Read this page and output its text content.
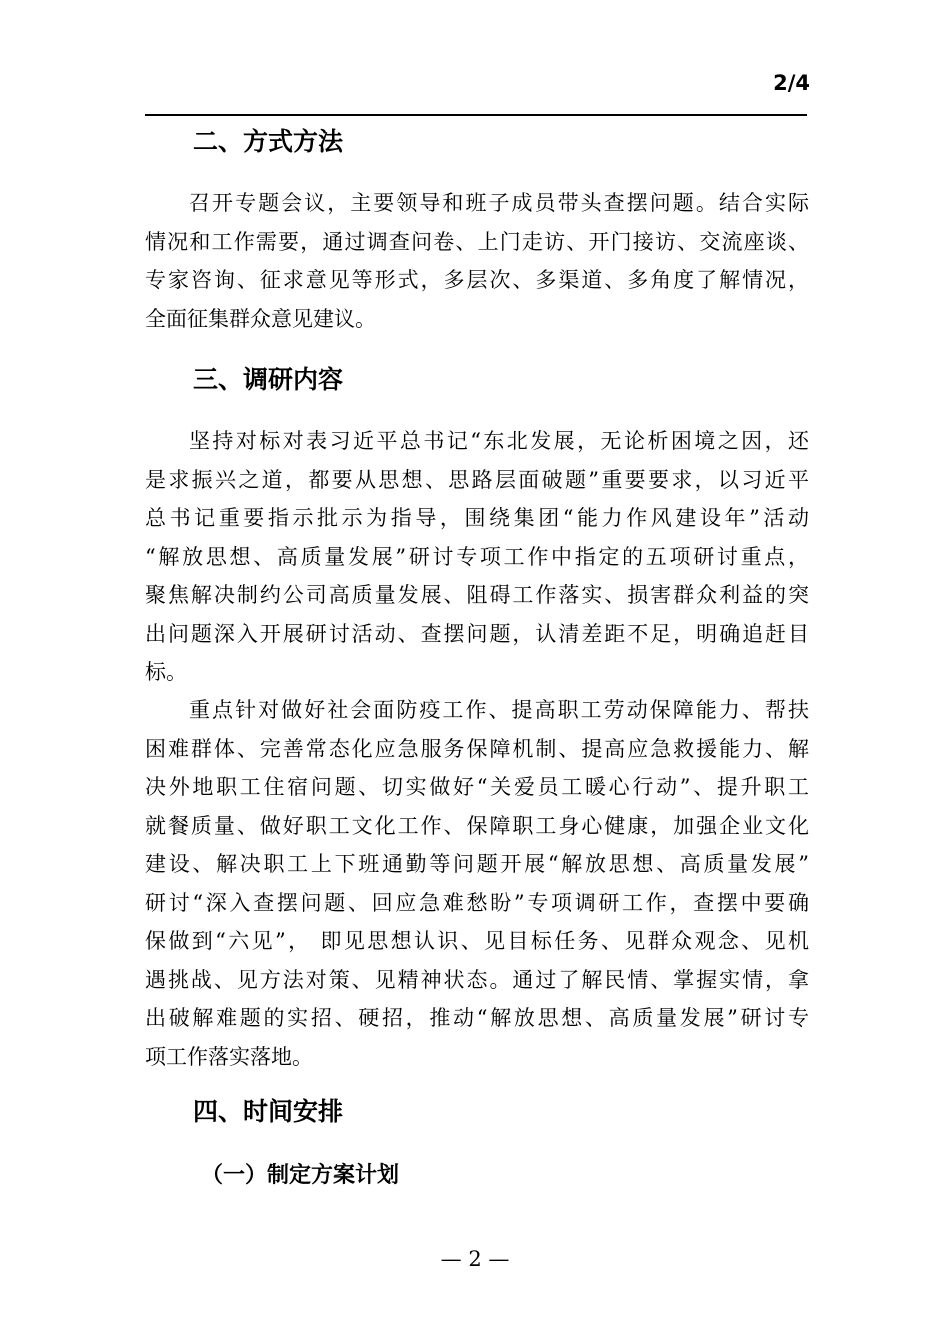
2/4
二、方式方法

召开专题会议，主要领导和班子成员带头查摆问题。结合实际
情况和工作需要，通过调查问卷、上门走访、开门接访、交流座谈、
专家咨询、征求意见等形式，多层次、多渠道、多角度了解情况，
全面征集群众意见建议。

三、调研内容

坚持对标对表习近平总书记“东北发展，无论析困境之因，还
是求振兴之道，都要从思想、思路层面破题”重要要求，以习近平
总书记重要指示批示为指导，围绕集团“能力作风建设年”活动
“解放思想、高质量发展”研讨专项工作中指定的五项研讨重点，
聚焦解决制约公司高质量发展、阻碍工作落实、损害群众利益的突
出问题深入开展研讨活动、查摆问题，认清差距不足，明确追赶目
标。

重点针对做好社会面防疫工作、提高职工劳动保障能力、帮扶
困难群体、完善常态化应急服务保障机制、提高应急救援能力、解
决外地职工住宿问题、切实做好“关爱员工暖心行动”、提升职工
就餐质量、做好职工文化工作、保障职工身心健康，加强企业文化
建设、解决职工上下班通勤等问题开展“解放思想、高质量发展”
研讨“深入查摆问题、回应急难愁盼”专项调研工作，查摆中要确
保做到“六见”， 即见思想认识、见目标任务、见群众观念、见机
遇挑战、见方法对策、见精神状态。通过了解民情、掌握实情，拿
出破解难题的实招、硬招，推动“解放思想、高质量发展”研讨专
项工作落实落地。

四、时间安排
（一）制定方案计划
— 2 —
